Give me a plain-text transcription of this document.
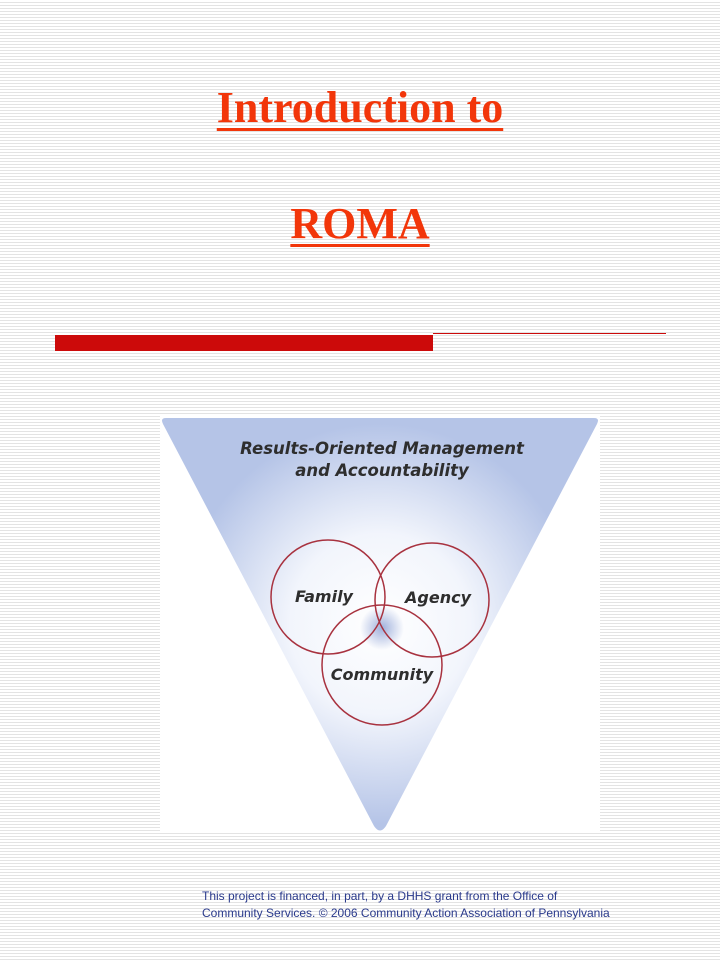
Introduction to
ROMA
Results-Oriented Management
and Accountability
Family	Agency
Community

This project is financed, in part, by a DHHS grant from the Office of
Community Services. © 2006 Community Action Association of Pennsylvania
